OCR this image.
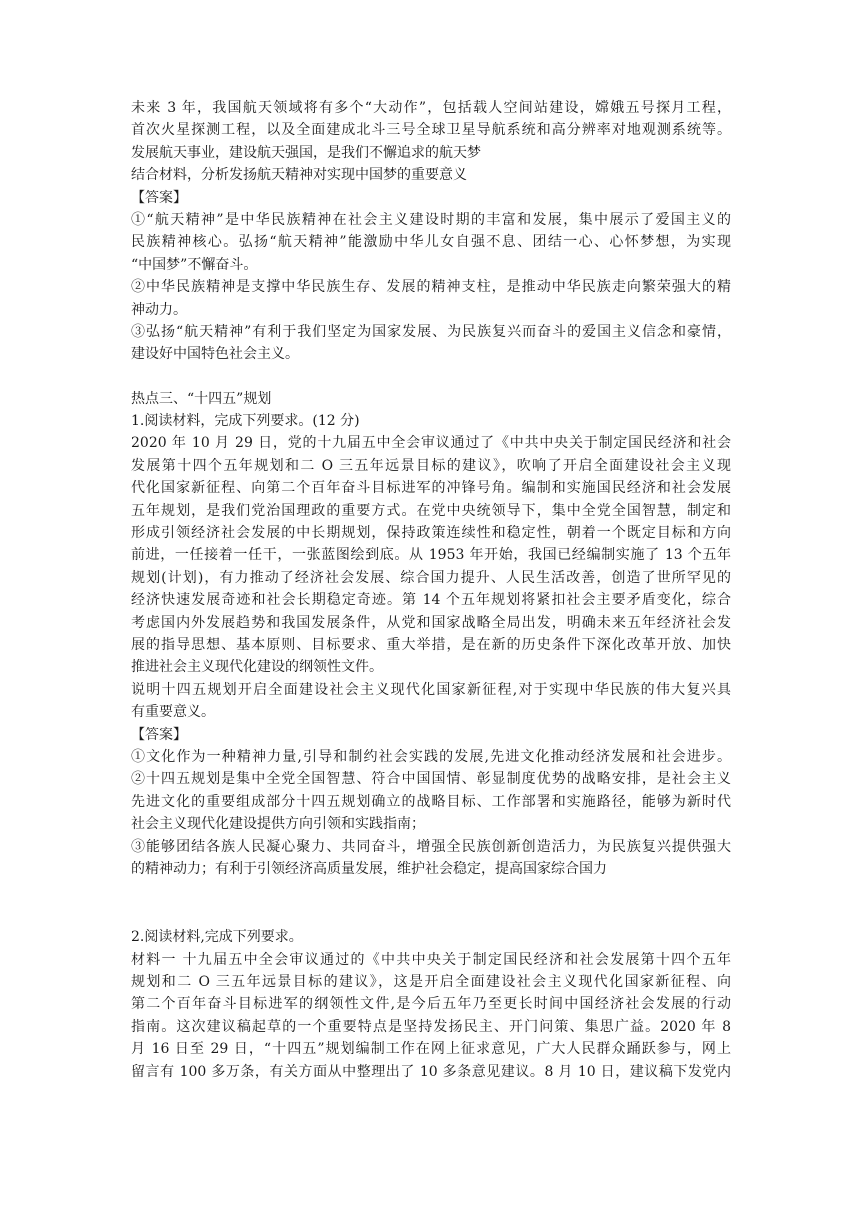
未来 3 年，我国航天领域将有多个“大动作”，包括载人空间站建设，嫦娥五号探月工程，
首次火星探测工程，以及全面建成北斗三号全球卫星导航系统和高分辨率对地观测系统等。
发展航天事业，建设航天强国，是我们不懈追求的航天梦
结合材料，分析发扬航天精神对实现中国梦的重要意义
【答案】
①“航天精神”是中华民族精神在社会主义建设时期的丰富和发展，集中展示了爱国主义的
民族精神核心。弘扬“航天精神”能激励中华儿女自强不息、团结一心、心怀梦想，为实现
“中国梦”不懈奋斗。
②中华民族精神是支撑中华民族生存、发展的精神支柱，是推动中华民族走向繁荣强大的精
神动力。
③弘扬“航天精神”有利于我们坚定为国家发展、为民族复兴而奋斗的爱国主义信念和豪情，
建设好中国特色社会主义。
热点三、“十四五”规划
1.阅读材料，完成下列要求。(12 分)
2020 年 10 月 29 日，党的十九届五中全会审议通过了《中共中央关于制定国民经济和社会
发展第十四个五年规划和二 O 三五年远景目标的建议》，吹响了开启全面建设社会主义现
代化国家新征程、向第二个百年奋斗目标进军的冲锋号角。编制和实施国民经济和社会发展
五年规划，是我们党治国理政的重要方式。在党中央统领导下，集中全党全国智慧，制定和
形成引领经济社会发展的中长期规划，保持政策连续性和稳定性，朝着一个既定目标和方向
前进，一任接着一任干，一张蓝图绘到底。从 1953 年开始，我国已经编制实施了 13 个五年
规划(计划)，有力推动了经济社会发展、综合国力提升、人民生活改善，创造了世所罕见的
经济快速发展奇迹和社会长期稳定奇迹。第 14 个五年规划将紧扣社会主要矛盾变化，综合
考虑国内外发展趋势和我国发展条件，从党和国家战略全局出发，明确未来五年经济社会发
展的指导思想、基本原则、目标要求、重大举措，是在新的历史条件下深化改革开放、加快
推进社会主义现代化建设的纲领性文件。
说明十四五规划开启全面建设社会主义现代化国家新征程,对于实现中华民族的伟大复兴具
有重要意义。
【答案】
①文化作为一种精神力量,引导和制约社会实践的发展,先进文化推动经济发展和社会进步。
②十四五规划是集中全党全国智慧、符合中国国情、彰显制度优势的战略安排，是社会主义
先进文化的重要组成部分十四五规划确立的战略目标、工作部署和实施路径，能够为新时代
社会主义现代化建设提供方向引领和实践指南；
③能够团结各族人民凝心聚力、共同奋斗，增强全民族创新创造活力，为民族复兴提供强大
的精神动力；有利于引领经济高质量发展，维护社会稳定，提高国家综合国力
2.阅读材料,完成下列要求。
材料一 十九届五中全会审议通过的《中共中央关于制定国民经济和社会发展第十四个五年
规划和二 O 三五年远景目标的建议》，这是开启全面建设社会主义现代化国家新征程、向
第二个百年奋斗目标进军的纲领性文件,是今后五年乃至更长时间中国经济社会发展的行动
指南。这次建议稿起草的一个重要特点是坚持发扬民主、开门问策、集思广益。2020 年 8
月 16 日至 29 日，“十四五”规划编制工作在网上征求意见，广大人民群众踊跃参与，网上
留言有 100 多万条，有关方面从中整理出了 10 多条意见建议。8 月 10 日，建议稿下发党内
